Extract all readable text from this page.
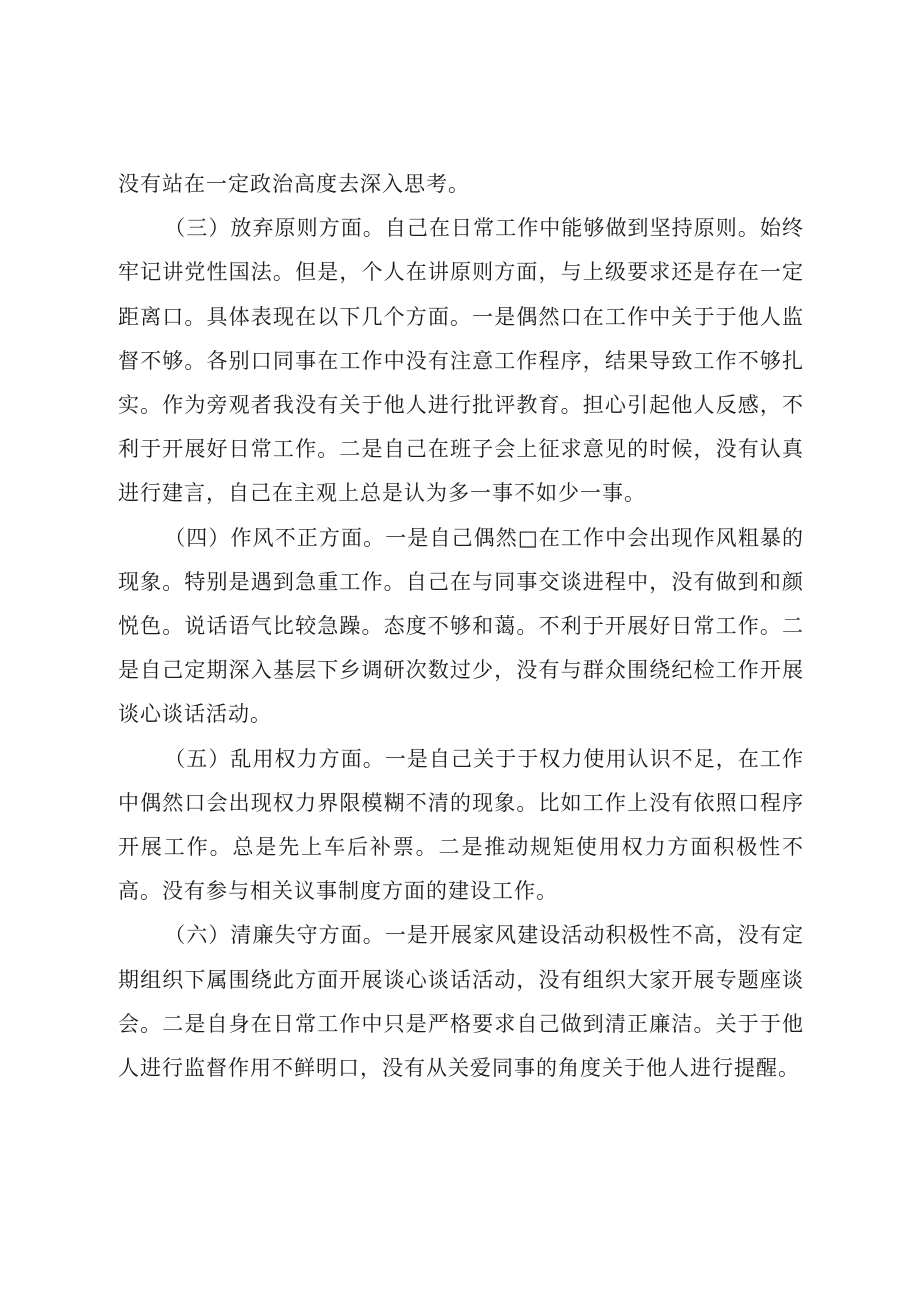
没有站在一定政治高度去深入思考。

（三）放弃原则方面。自己在日常工作中能够做到坚持原则。始终牢记讲党性国法。但是，个人在讲原则方面，与上级要求还是存在一定距离口。具体表现在以下几个方面。一是偶然口在工作中关于于他人监督不够。各别口同事在工作中没有注意工作程序，结果导致工作不够扎实。作为旁观者我没有关于他人进行批评教育。担心引起他人反感，不利于开展好日常工作。二是自己在班子会上征求意见的时候，没有认真进行建言，自己在主观上总是认为多一事不如少一事。

（四）作风不正方面。一是自己偶然□在工作中会出现作风粗暴的现象。特别是遇到急重工作。自己在与同事交谈进程中，没有做到和颜悦色。说话语气比较急躁。态度不够和蔼。不利于开展好日常工作。二是自己定期深入基层下乡调研次数过少，没有与群众围绕纪检工作开展谈心谈话活动。

（五）乱用权力方面。一是自己关于于权力使用认识不足，在工作中偶然口会出现权力界限模糊不清的现象。比如工作上没有依照口程序开展工作。总是先上车后补票。二是推动规矩使用权力方面积极性不高。没有参与相关议事制度方面的建设工作。

（六）清廉失守方面。一是开展家风建设活动积极性不高，没有定期组织下属围绕此方面开展谈心谈话活动，没有组织大家开展专题座谈会。二是自身在日常工作中只是严格要求自己做到清正廉洁。关于于他人进行监督作用不鲜明口，没有从关爱同事的角度关于他人进行提醒。
